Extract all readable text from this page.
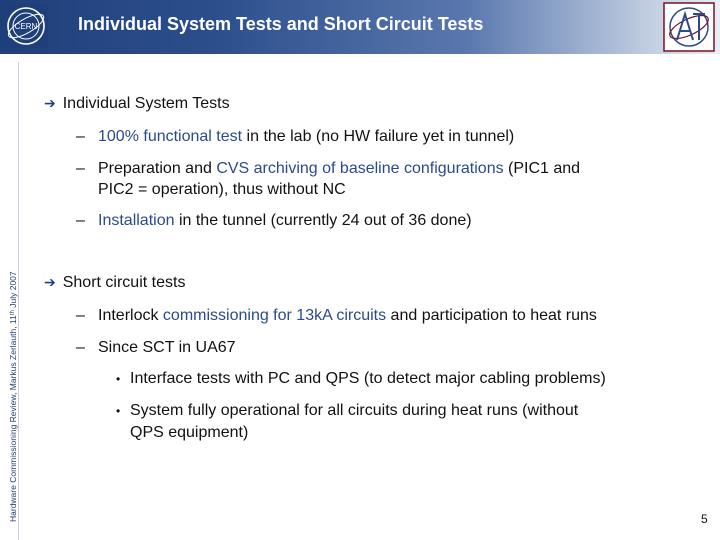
CERN Individual System Tests and Short Circuit Tests
Hardware Commissioning Review, Markus Zerlauth, 11ᵗʰ July 2007
➔ Individual System Tests
– 100% functional test in the lab (no HW failure yet in tunnel)
– Preparation and CVS archiving of baseline configurations (PIC1 and
PIC2 = operation), thus without NC
– Installation in the tunnel (currently 24 out of 36 done)
➔ Short circuit tests
– Interlock commissioning for 13kA circuits and participation to heat runs
– Since SCT in UA67
• Interface tests with PC and QPS (to detect major cabling problems)
• System fully operational for all circuits during heat runs (without
QPS equipment)
5
